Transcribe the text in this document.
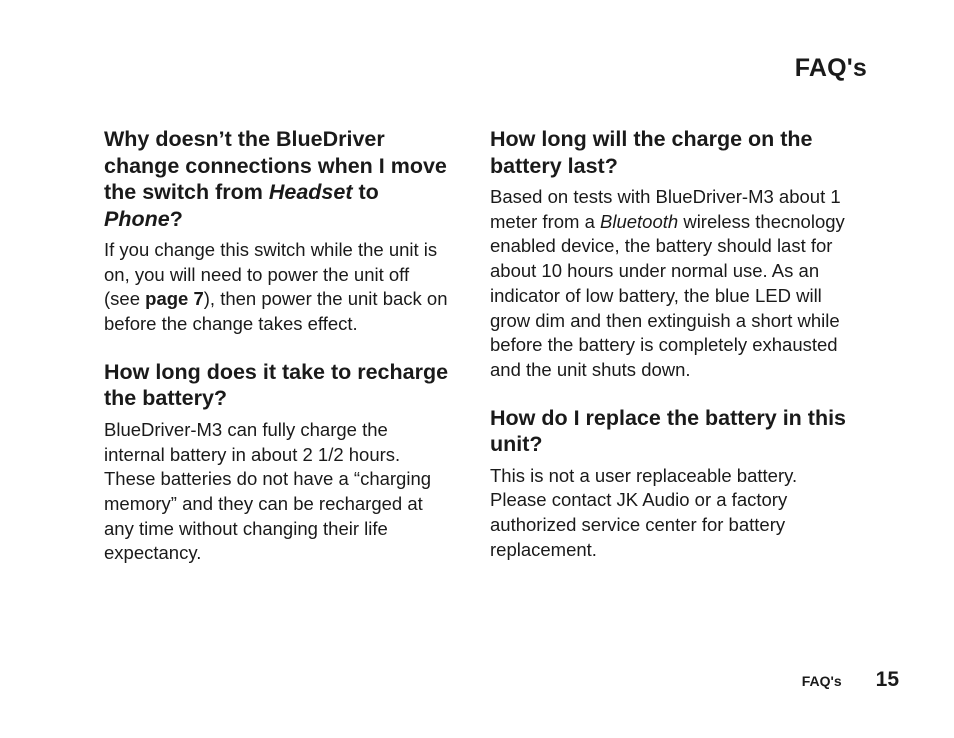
FAQ's

Why doesn’t the BlueDriver change connections when I move the switch from Headset to Phone?

If you change this switch while the unit is on, you will need to power the unit off (see page 7), then power the unit back on before the change takes effect.

How long does it take to recharge the battery?

BlueDriver-M3 can fully charge the internal battery in about 2 1/2 hours. These batteries do not have a “charging memory” and they can be recharged at any time without changing their life expectancy.

How long will the charge on the battery last?

Based on tests with BlueDriver-M3 about 1 meter from a Bluetooth wireless thecnology enabled device, the battery should last for about 10 hours under normal use. As an indicator of low battery, the blue LED will grow dim and then extinguish a short while before the battery is completely exhausted and the unit shuts down.

How do I replace the battery in this unit?

This is not a user replaceable battery. Please contact JK Audio or a factory authorized service center for battery replacement.

FAQ's 15
